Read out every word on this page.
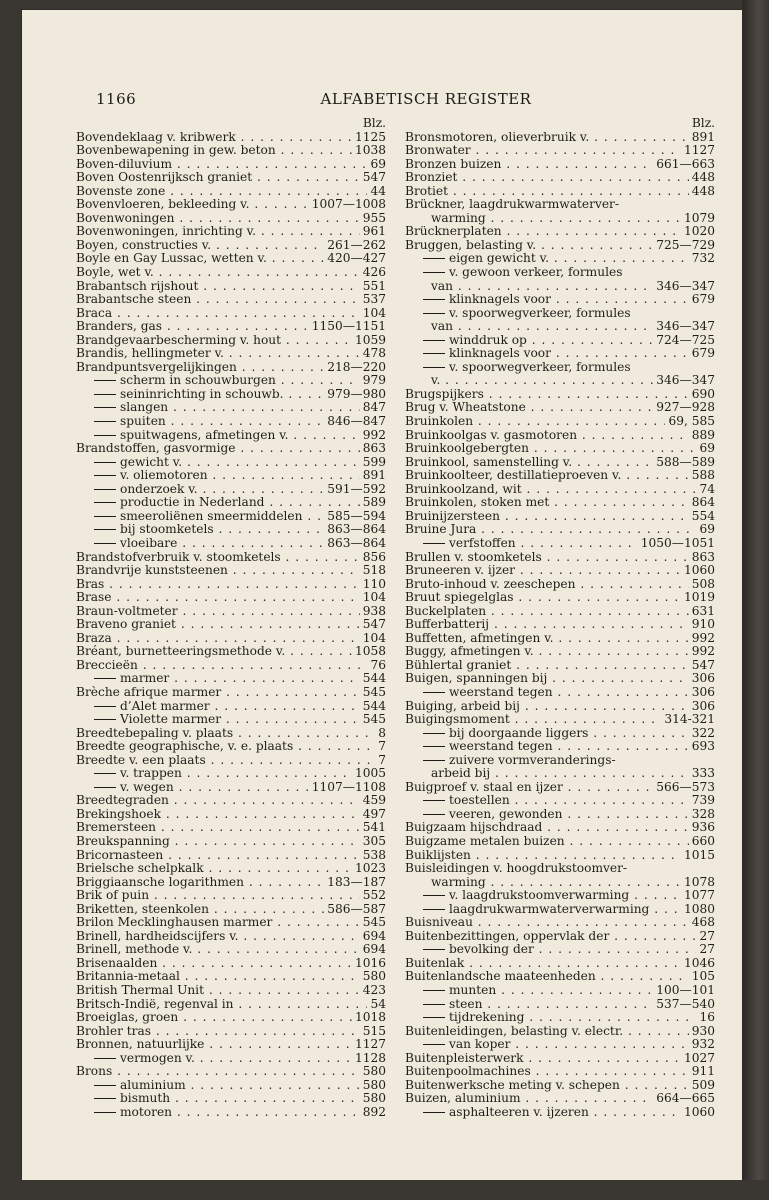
1166	ALFABETISCH REGISTER
Blz.
Bovendeklaag v. kribwerk . . .	1125
Bovenbewapening in gew. beton . . .	1038
Boven-diluvium . . .	69
Boven Oostenrijksch graniet . . .	547
Bovenste zone . . .	44
Bovenvloeren, bekleeding v. . . .	1007—1008
Bovenwoningen . . .	955
Bovenwoningen, inrichting v. . . .	961
Boyen, constructies v. . . .	261—262
Boyle en Gay Lussac, wetten v. . . .	420—427
Boyle, wet v. . . .	426
Brabantsch rijshout . . .	551
Brabantsche steen . . .	537
Braca . . .	104
Branders, gas . . .	1150—1151
Brandgevaarbescherming v. hout . . .	1059
Brandis, hellingmeter v. . . .	478
Brandpuntsvergelijkingen . . .	218—220
scherm in schouwburgen . . .	979
seininrichting in schouwb. . . .	979—980
slangen . . .	847
spuiten . . .	846—847
spuitwagens, afmetingen v. . . .	992
Brandstoffen, gasvormige . . .	863
gewicht v. . . .	599
v. oliemotoren . . .	891
onderzoek v. . . .	591—592
productie in Nederland . . .	589
smeeroliënen smeermiddelen . . .	585—594
bij stoomketels . . .	863—864
vloeibare . . .	863—864
Brandstofverbruik v. stoomketels . . .	856
Brandvrije kunststeenen . . .	518
Bras . . .	110
Brase . . .	104
Braun-voltmeter . . .	938
Braveno graniet . . .	547
Braza . . .	104
Bréant, burnetteeringsmethode v. . . .	1058
Breccieën . . .	76
marmer . . .	544
Brèche afrique marmer . . .	545
d’Alet marmer . . .	544
Violette marmer . . .	545
Breedtebepaling v. plaats . . .	8
Breedte geographische, v. e. plaats . . .	7
Breedte v. een plaats . . .	7
v. trappen . . .	1005
v. wegen . . .	1107—1108
Breedtegraden . . .	459
Brekingshoek . . .	497
Bremersteen . . .	541
Breukspanning . . .	305
Bricornasteen . . .	538
Brielsche schelpkalk . . .	1023
Briggiaansche logarithmen . . .	183—187
Brik of puin . . .	552
Briketten, steenkolen . . .	586—587
Brilon Mecklinghausen marmer . . .	545
Brinell, hardheidscijfers v. . . .	694
Brinell, methode v. . . .	694
Brisenaalden . . .	1016
Britannia-metaal . . .	580
British Thermal Unit . . .	423
Britsch-Indië, regenval in . . .	54
Broeiglas, groen . . .	1018
Brohler tras . . .	515
Bronnen, natuurlijke . . .	1127
vermogen v. . . .	1128
Brons . . .	580
aluminium . . .	580
bismuth . . .	580
motoren . . .	892
Blz.
Bronsmotoren, olieverbruik v. . . .	891
Bronwater . . .	1127
Bronzen buizen . . .	661—663
Bronziet . . .	448
Brotiet . . .	448
Brückner, laagdrukwarmwaterver-
warming . . .	1079
Brücknerplaten . . .	1020
Bruggen, belasting v. . . .	725—729
eigen gewicht v. . . .	732
v. gewoon verkeer, formules
van . . .	346—347
klinknagels voor . . .	679
v. spoorwegverkeer, formules
van . . .	346—347
winddruk op . . .	724—725
klinknagels voor . . .	679
v. spoorwegverkeer, formules
v. . . .	346—347
Brugspijkers . . .	690
Brug v. Wheatstone . . .	927—928
Bruinkolen . . .	69, 585
Bruinkoolgas v. gasmotoren . . .	889
Bruinkoolgebergten . . .	69
Bruinkool, samenstelling v. . . .	588—589
Bruinkoolteer, destillatieproeven v. . . .	588
Bruinkoolzand, wit . . .	74
Bruinkolen, stoken met . . .	864
Bruinijzersteen . . .	554
Bruine Jura . . .	69
verfstoffen . . .	1050—1051
Brullen v. stoomketels . . .	863
Bruneeren v. ijzer . . .	1060
Bruto-inhoud v. zeeschepen . . .	508
Bruut spiegelglas . . .	1019
Buckelplaten . . .	631
Bufferbatterij . . .	910
Buffetten, afmetingen v. . . .	992
Buggy, afmetingen v. . . .	992
Bühlertal graniet . . .	547
Buigen, spanningen bij . . .	306
weerstand tegen . . .	306
Buiging, arbeid bij . . .	306
Buigingsmoment . . .	314-321
bij doorgaande liggers . . .	322
weerstand tegen . . .	693
zuivere vormveranderings-
arbeid bij . . .	333
Buigproef v. staal en ijzer . . .	566—573
toestellen . . .	739
veeren, gewonden . . .	328
Buigzaam hijschdraad . . .	936
Buigzame metalen buizen . . .	660
Buiklijsten . . .	1015
Buisleidingen v. hoogdrukstoomver-
warming . . .	1078
v. laagdrukstoomverwarming . . .	1077
laagdrukwarmwaterverwarming . . .	1080
Buisniveau . . .	468
Buitenbezittingen, oppervlak der . . .	27
bevolking der . . .	27
Buitenlak . . .	1046
Buitenlandsche maateenheden . . .	105
munten . . .	100—101
steen . . .	537—540
tijdrekening . . .	16
Buitenleidingen, belasting v. electr. . . .	930
van koper . . .	932
Buitenpleisterwerk . . .	1027
Buitenpoolmachines . . .	911
Buitenwerksche meting v. schepen . . .	509
Buizen, aluminium . . .	664—665
asphalteeren v. ijzeren . . .	1060
